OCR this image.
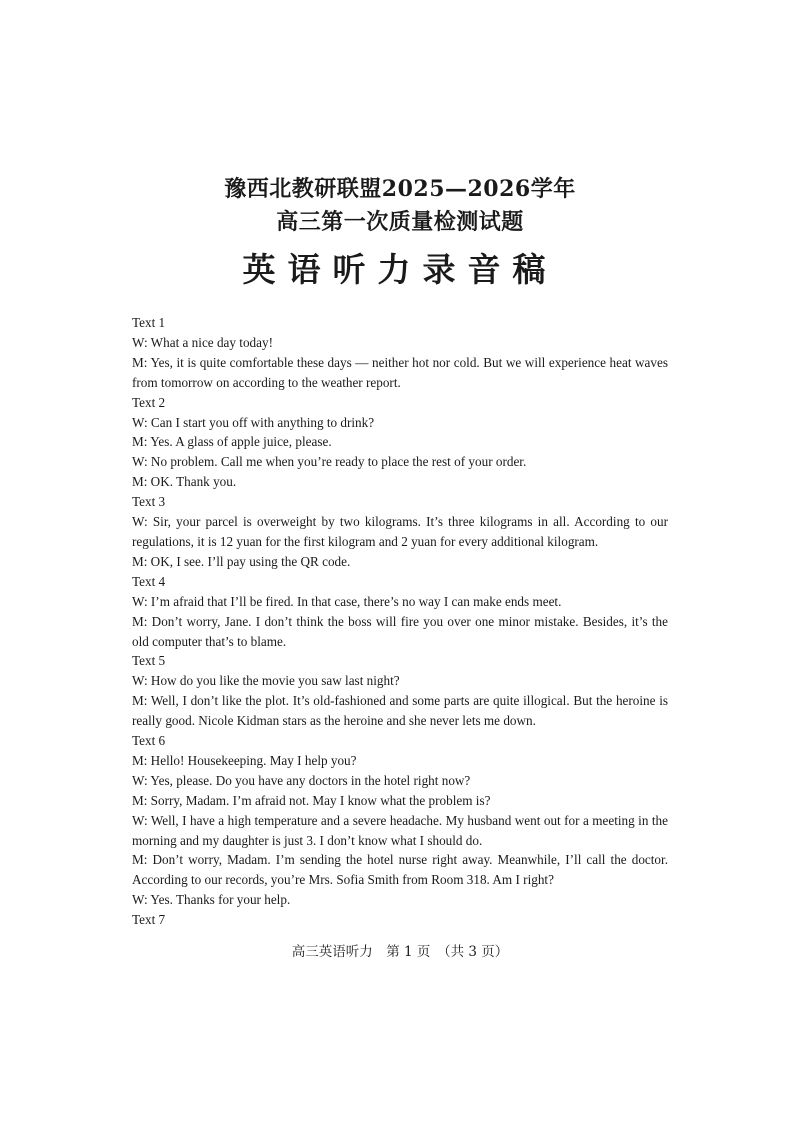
豫西北教研联盟2025—2026学年
高三第一次质量检测试题
英语听力录音稿
Text 1
W: What a nice day today!
M: Yes, it is quite comfortable these days — neither hot nor cold. But we will experience heat waves from tomorrow on according to the weather report.
Text 2
W: Can I start you off with anything to drink?
M: Yes. A glass of apple juice, please.
W: No problem. Call me when you’re ready to place the rest of your order.
M: OK. Thank you.
Text 3
W: Sir, your parcel is overweight by two kilograms. It’s three kilograms in all. According to our regulations, it is 12 yuan for the first kilogram and 2 yuan for every additional kilogram.
M: OK, I see. I’ll pay using the QR code.
Text 4
W: I’m afraid that I’ll be fired. In that case, there’s no way I can make ends meet.
M: Don’t worry, Jane. I don’t think the boss will fire you over one minor mistake. Besides, it’s the old computer that’s to blame.
Text 5
W: How do you like the movie you saw last night?
M: Well, I don’t like the plot. It’s old-fashioned and some parts are quite illogical. But the heroine is really good. Nicole Kidman stars as the heroine and she never lets me down.
Text 6
M: Hello! Housekeeping. May I help you?
W: Yes, please. Do you have any doctors in the hotel right now?
M: Sorry, Madam. I’m afraid not. May I know what the problem is?
W: Well, I have a high temperature and a severe headache. My husband went out for a meeting in the morning and my daughter is just 3. I don’t know what I should do.
M: Don’t worry, Madam. I’m sending the hotel nurse right away. Meanwhile, I’ll call the doctor. According to our records, you’re Mrs. Sofia Smith from Room 318. Am I right?
W: Yes. Thanks for your help.
Text 7
高三英语听力　第 1 页　（共 3 页）
